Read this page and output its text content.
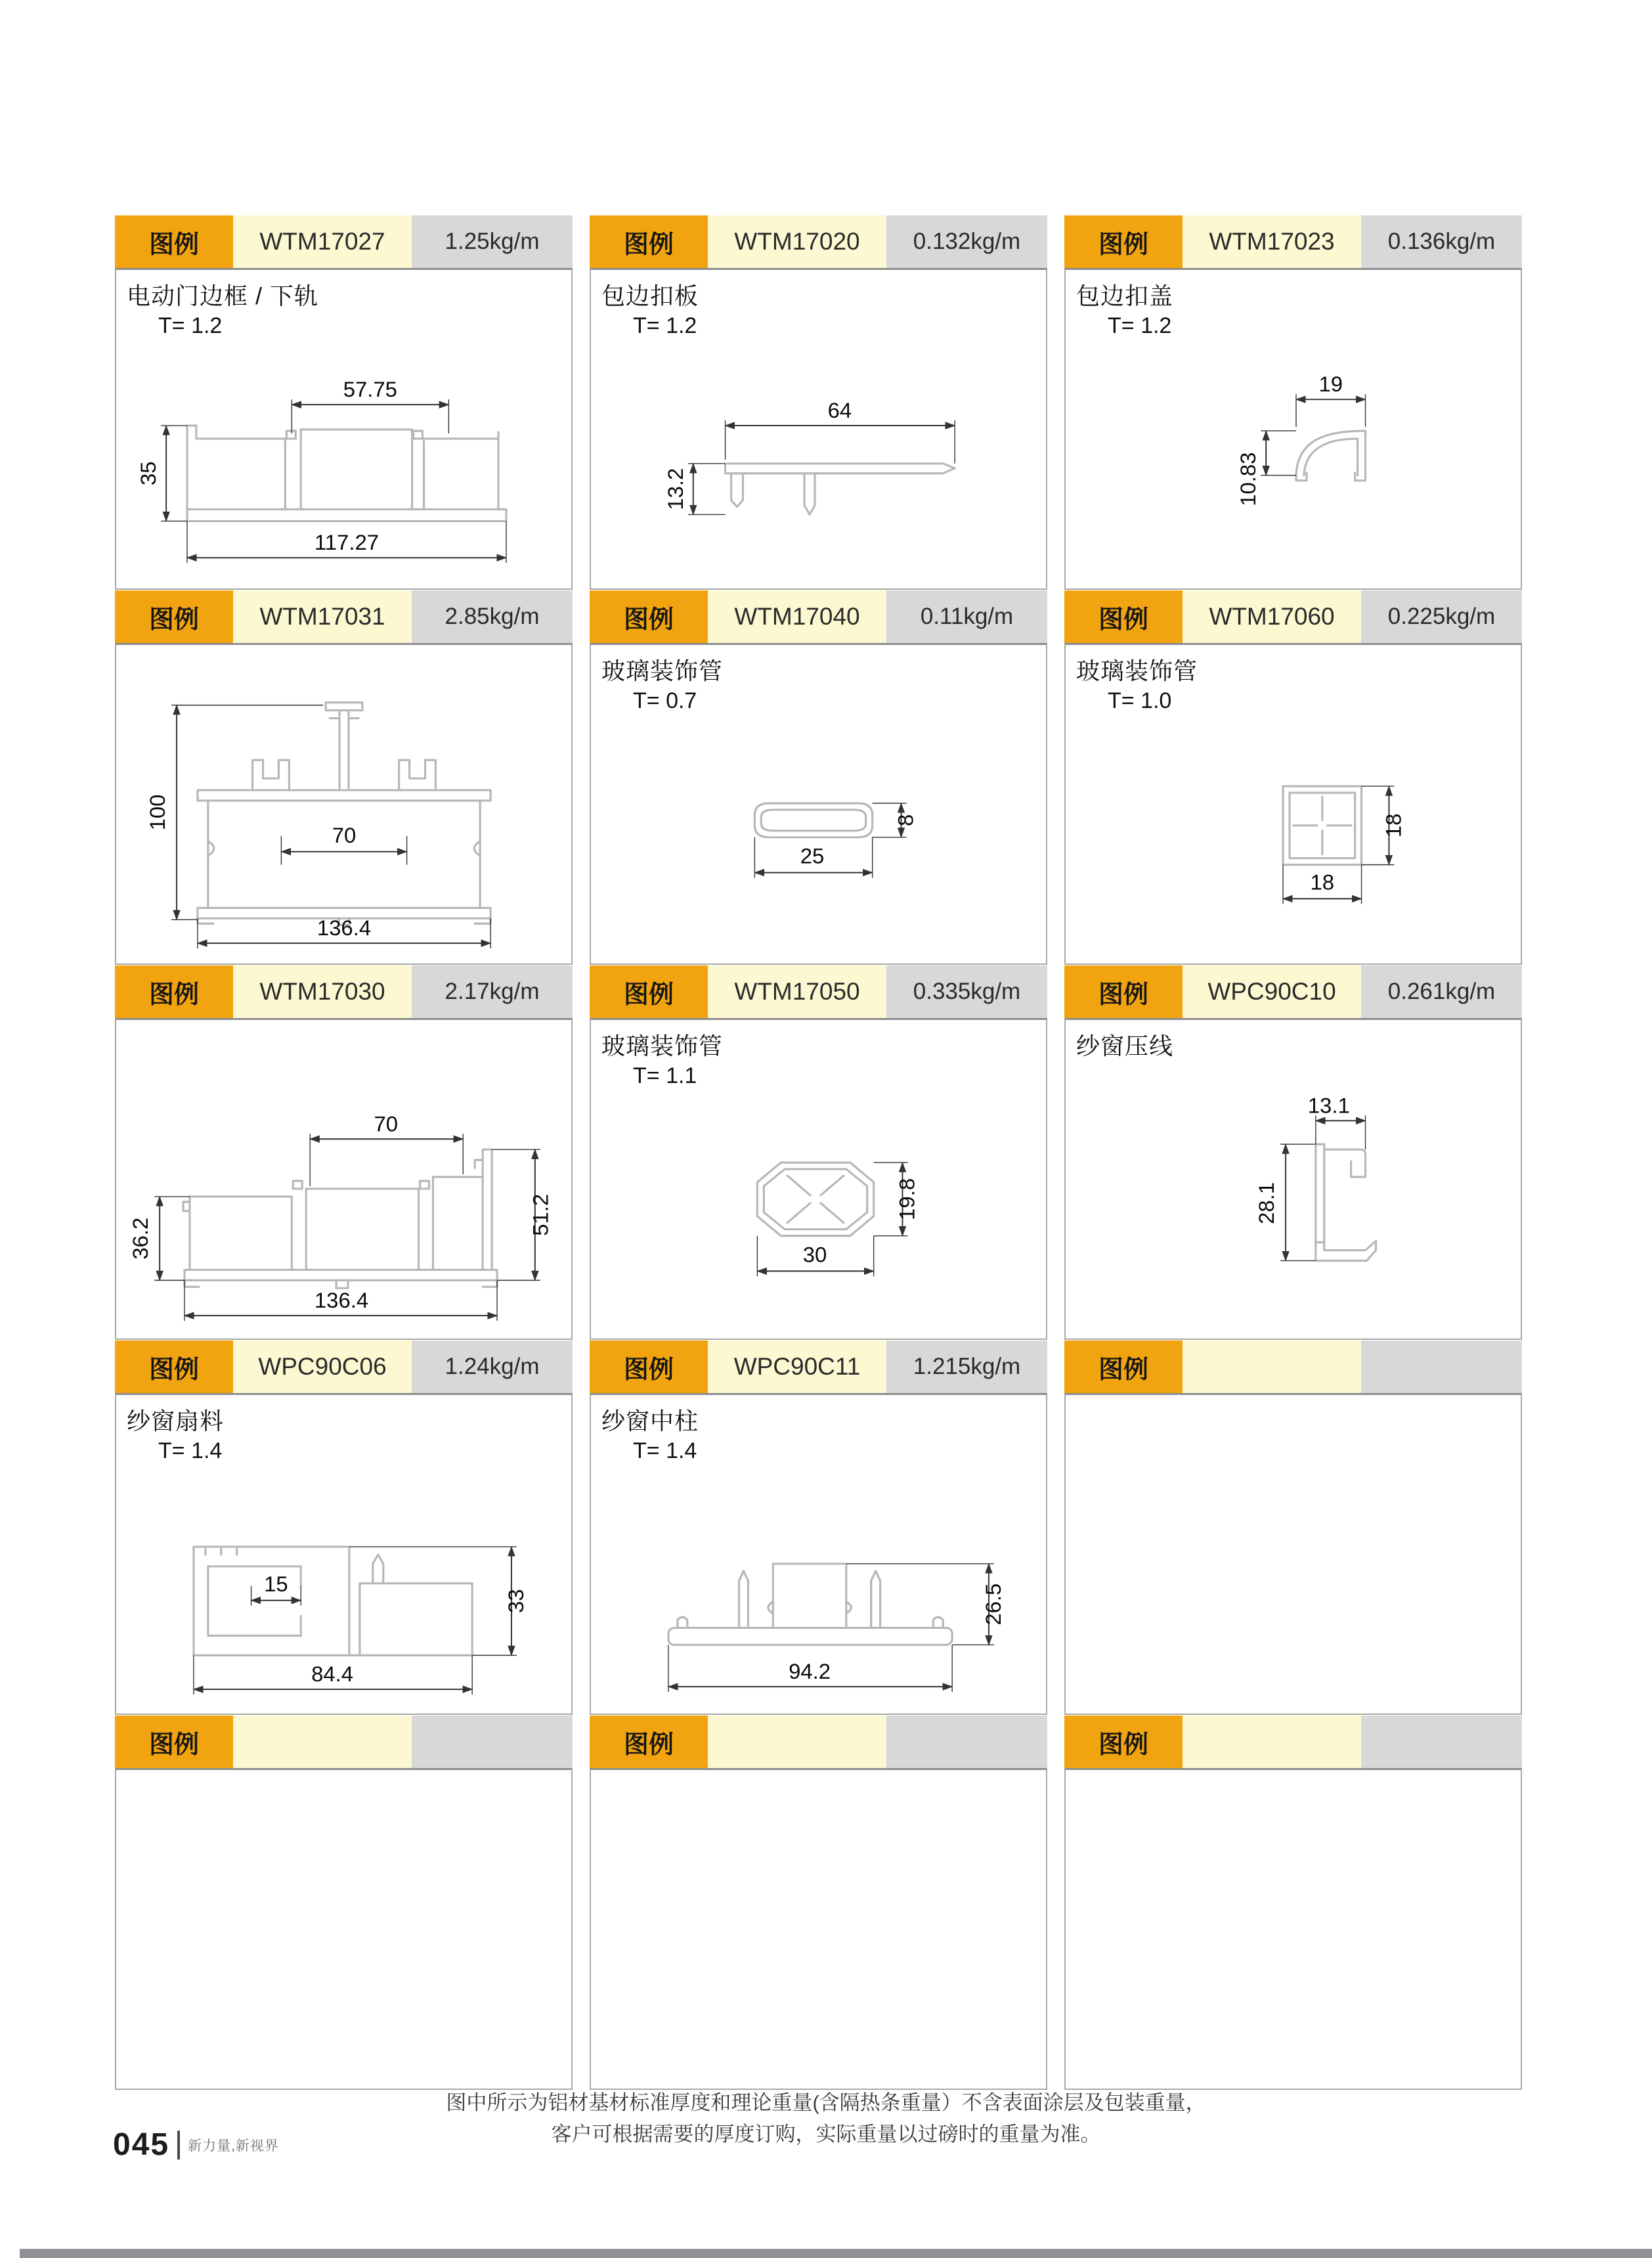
图例	WTM17027	1.25kg/m
电动门边框 / 下轨
T= 1.2
57.75
35
117.27
图例	WTM17020	0.132kg/m
包边扣板
T= 1.2
64
13.2
图例	WTM17023	0.136kg/m
包边扣盖
T= 1.2
19
10.83
图例	WTM17031	2.85kg/m
100
70
136.4
图例	WTM17040	0.11kg/m
玻璃装饰管
T= 0.7
8
25
图例	WTM17060	0.225kg/m
玻璃装饰管
T= 1.0
18
18
图例	WTM17030	2.17kg/m
70
36.2
51.2
136.4
图例	WTM17050	0.335kg/m
玻璃装饰管
T= 1.1
19.8
30
图例	WPC90C10	0.261kg/m
纱窗压线
13.1
28.1
图例	WPC90C06	1.24kg/m
纱窗扇料
T= 1.4
15
33
84.4
图例	WPC90C11	1.215kg/m
纱窗中柱
T= 1.4
26.5
94.2
图例
图例	图例	图例
图中所示为铝材基材标准厚度和理论重量(含隔热条重量）不含表面涂层及包装重量，
客户可根据需要的厚度订购，实际重量以过磅时的重量为准。
045 新力量,新视界
